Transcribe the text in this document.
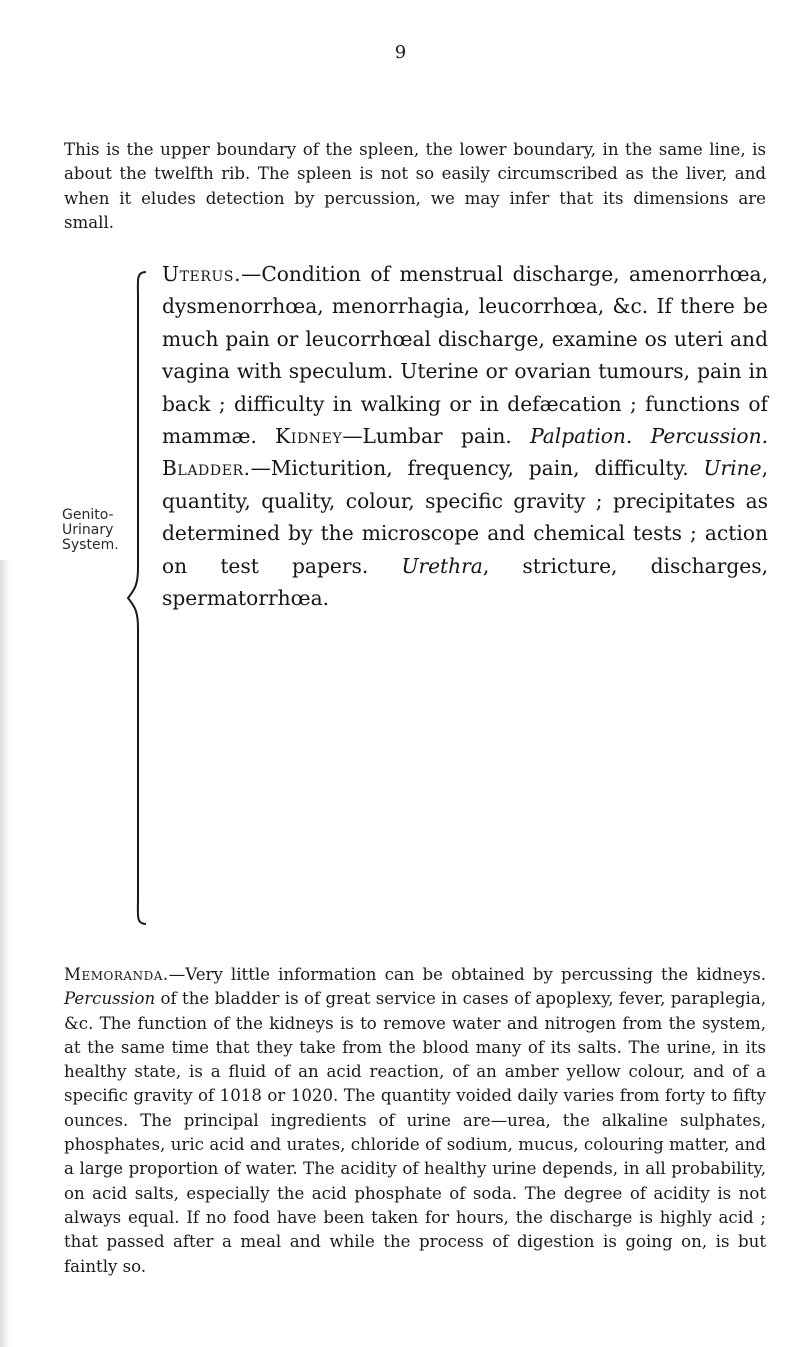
9

This is the upper boundary of the spleen, the lower boundary, in the same line, is about the twelfth rib. The spleen is not so easily circumscribed as the liver, and when it eludes detection by percussion, we may infer that its dimensions are small.

Genito-
Urinary
System.

Uterus.—Condition of menstrual discharge, amenorrhœa, dysmenorrhœa, menorrhagia, leucorrhœa, &c. If there be much pain or leucorrhœal discharge, examine os uteri and vagina with speculum. Uterine or ovarian tumours, pain in back ; difficulty in walking or in defæcation ; functions of mammæ. Kidney—Lumbar pain. Palpation. Percussion. Bladder.—Micturition, frequency, pain, difficulty. Urine, quantity, quality, colour, specific gravity ; precipitates as determined by the microscope and chemical tests ; action on test papers. Urethra, stricture, discharges, spermatorrhœa.

Memoranda.—Very little information can be obtained by percussing the kidneys. Percussion of the bladder is of great service in cases of apoplexy, fever, paraplegia, &c. The function of the kidneys is to remove water and nitrogen from the system, at the same time that they take from the blood many of its salts. The urine, in its healthy state, is a fluid of an acid reaction, of an amber yellow colour, and of a specific gravity of 1018 or 1020. The quantity voided daily varies from forty to fifty ounces. The principal ingredients of urine are—urea, the alkaline sulphates, phosphates, uric acid and urates, chloride of sodium, mucus, colouring matter, and a large proportion of water. The acidity of healthy urine depends, in all probability, on acid salts, especially the acid phosphate of soda. The degree of acidity is not always equal. If no food have been taken for hours, the discharge is highly acid ; that passed after a meal and while the process of digestion is going on, is but faintly so.
